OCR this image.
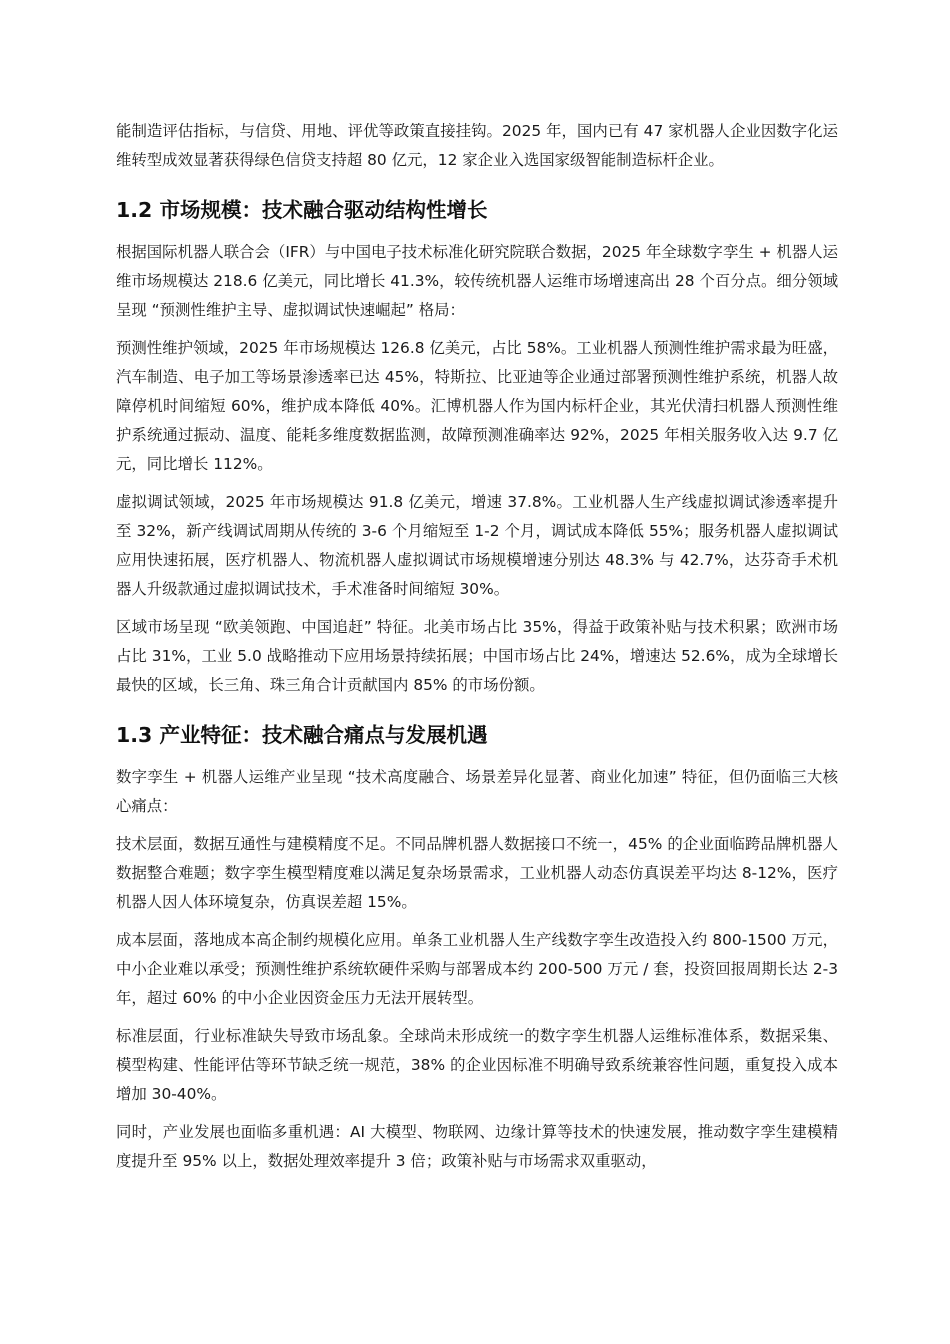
能制造评估指标，与信贷、用地、评优等政策直接挂钩。2025 年，国内已有 47 家机器人企业因数字化运维转型成效显著获得绿色信贷支持超 80 亿元，12 家企业入选国家级智能制造标杆企业。

1.2 市场规模：技术融合驱动结构性增长

根据国际机器人联合会（IFR）与中国电子技术标准化研究院联合数据，2025 年全球数字孪生 + 机器人运维市场规模达 218.6 亿美元，同比增长 41.3%，较传统机器人运维市场增速高出 28 个百分点。细分领域呈现 “预测性维护主导、虚拟调试快速崛起” 格局：

预测性维护领域，2025 年市场规模达 126.8 亿美元，占比 58%。工业机器人预测性维护需求最为旺盛，汽车制造、电子加工等场景渗透率已达 45%，特斯拉、比亚迪等企业通过部署预测性维护系统，机器人故障停机时间缩短 60%，维护成本降低 40%。汇博机器人作为国内标杆企业，其光伏清扫机器人预测性维护系统通过振动、温度、能耗多维度数据监测，故障预测准确率达 92%，2025 年相关服务收入达 9.7 亿元，同比增长 112%。

虚拟调试领域，2025 年市场规模达 91.8 亿美元，增速 37.8%。工业机器人生产线虚拟调试渗透率提升至 32%，新产线调试周期从传统的 3-6 个月缩短至 1-2 个月，调试成本降低 55%；服务机器人虚拟调试应用快速拓展，医疗机器人、物流机器人虚拟调试市场规模增速分别达 48.3% 与 42.7%，达芬奇手术机器人升级款通过虚拟调试技术，手术准备时间缩短 30%。

区域市场呈现 “欧美领跑、中国追赶” 特征。北美市场占比 35%，得益于政策补贴与技术积累；欧洲市场占比 31%，工业 5.0 战略推动下应用场景持续拓展；中国市场占比 24%，增速达 52.6%，成为全球增长最快的区域，长三角、珠三角合计贡献国内 85% 的市场份额。

1.3 产业特征：技术融合痛点与发展机遇

数字孪生 + 机器人运维产业呈现 “技术高度融合、场景差异化显著、商业化加速” 特征，但仍面临三大核心痛点：

技术层面，数据互通性与建模精度不足。不同品牌机器人数据接口不统一，45% 的企业面临跨品牌机器人数据整合难题；数字孪生模型精度难以满足复杂场景需求，工业机器人动态仿真误差平均达 8-12%，医疗机器人因人体环境复杂，仿真误差超 15%。

成本层面，落地成本高企制约规模化应用。单条工业机器人生产线数字孪生改造投入约 800-1500 万元，中小企业难以承受；预测性维护系统软硬件采购与部署成本约 200-500 万元 / 套，投资回报周期长达 2-3 年，超过 60% 的中小企业因资金压力无法开展转型。

标准层面，行业标准缺失导致市场乱象。全球尚未形成统一的数字孪生机器人运维标准体系，数据采集、模型构建、性能评估等环节缺乏统一规范，38% 的企业因标准不明确导致系统兼容性问题，重复投入成本增加 30-40%。

同时，产业发展也面临多重机遇：AI 大模型、物联网、边缘计算等技术的快速发展，推动数字孪生建模精度提升至 95% 以上，数据处理效率提升 3 倍；政策补贴与市场需求双重驱动，
